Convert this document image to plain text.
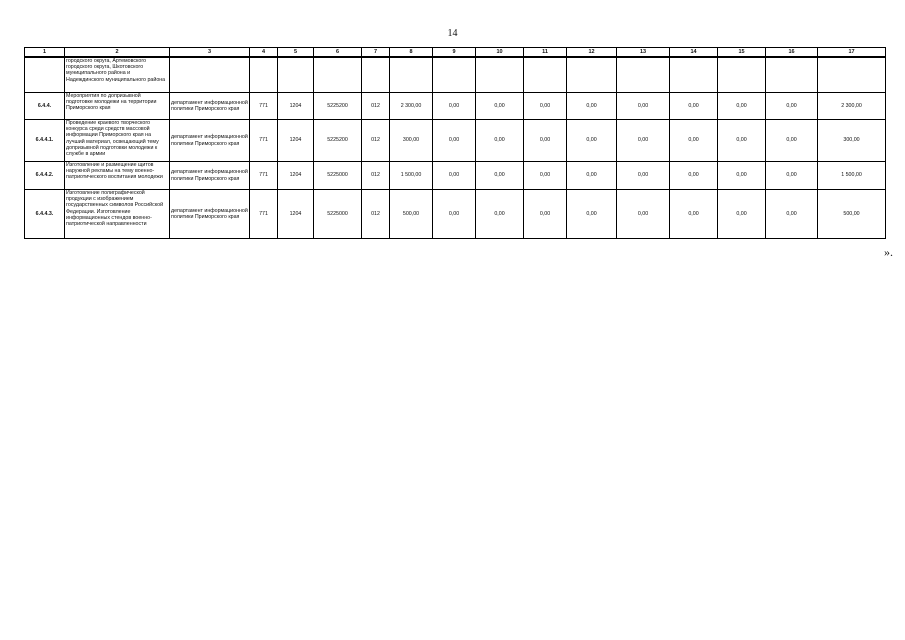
14
1	2	3	4	5	6	7	8	9	10	11	12	13	14	15	16	17
	городского округа, Артемовского городского округа, Шкотовского муниципального района и Надеждинского муниципального района															
6.4.4.	Мероприятия по допризывной подготовке молодежи на территории Приморского края	департамент информационной политики Приморского края	771	1204	5225200	012	2 300,00	0,00	0,00	0,00	0,00	0,00	0,00	0,00	0,00	2 300,00
6.4.4.1.	Проведение краевого творческого конкурса среди средств массовой информации Приморского края на лучший материал, освещающий тему допризывной подготовки молодежи к службе в армии	департамент информационной политики Приморского края	771	1204	5225200	012	300,00	0,00	0,00	0,00	0,00	0,00	0,00	0,00	0,00	300,00
6.4.4.2.	Изготовление и размещение щитов наружной рекламы на тему военно-патриотического воспитания молодежи	департамент информационной политики Приморского края	771	1204	5225000	012	1 500,00	0,00	0,00	0,00	0,00	0,00	0,00	0,00	0,00	1 500,00
6.4.4.3.	Изготовление полиграфической продукции с изображением государственных символов Российской Федерации. Изготовление информационных стендов военно-патриотической направленности	департамент информационной политики Приморского края	771	1204	5225000	012	500,00	0,00	0,00	0,00	0,00	0,00	0,00	0,00	0,00	500,00
».
